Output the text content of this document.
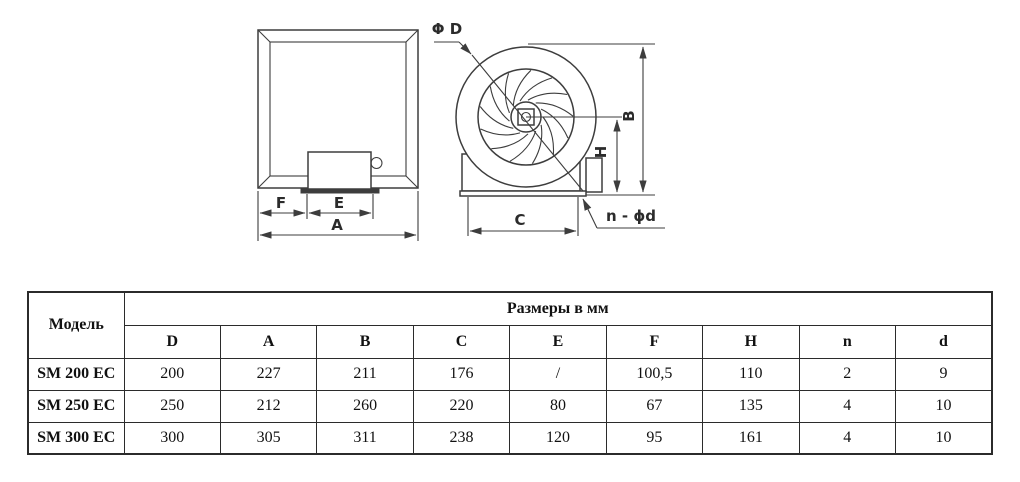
F	E
A
Φ D
B
H
C	n - ϕd
Модель	Размеры в мм								
	D	A	B	C	E	F	H	n	d
SM 200 EC	200	227	211	176	/	100,5	110	2	9
SM 250 EC	250	212	260	220	80	67	135	4	10
SM 300 EC	300	305	311	238	120	95	161	4	10
